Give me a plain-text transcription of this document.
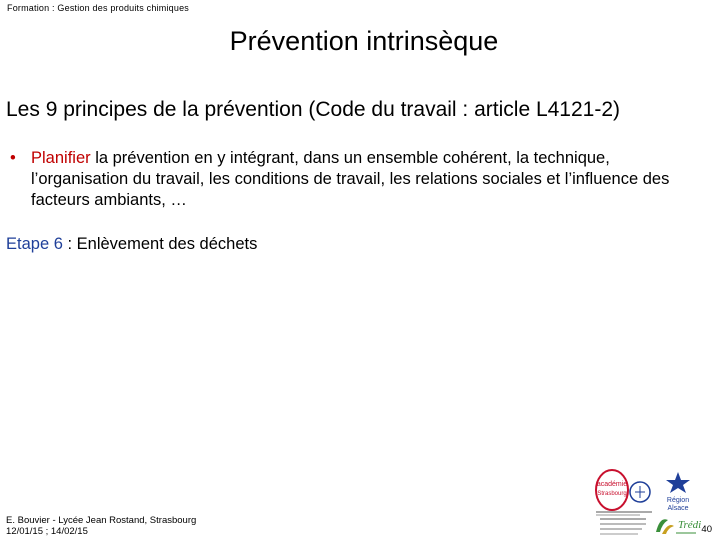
Formation : Gestion des produits chimiques
Prévention intrinsèque
Les 9 principes de la prévention (Code du travail : article L4121-2)
• Planifier la prévention en y intégrant, dans un ensemble cohérent, la technique, l’organisation du travail, les conditions de travail, les relations sociales et l’influence des facteurs ambiants, …
Etape 6 : Enlèvement des déchets
académie
Strasbourg
Région
Alsace
Trédi
E. Bouvier - Lycée Jean Rostand, Strasbourg
12/01/15 ; 14/02/15	40
